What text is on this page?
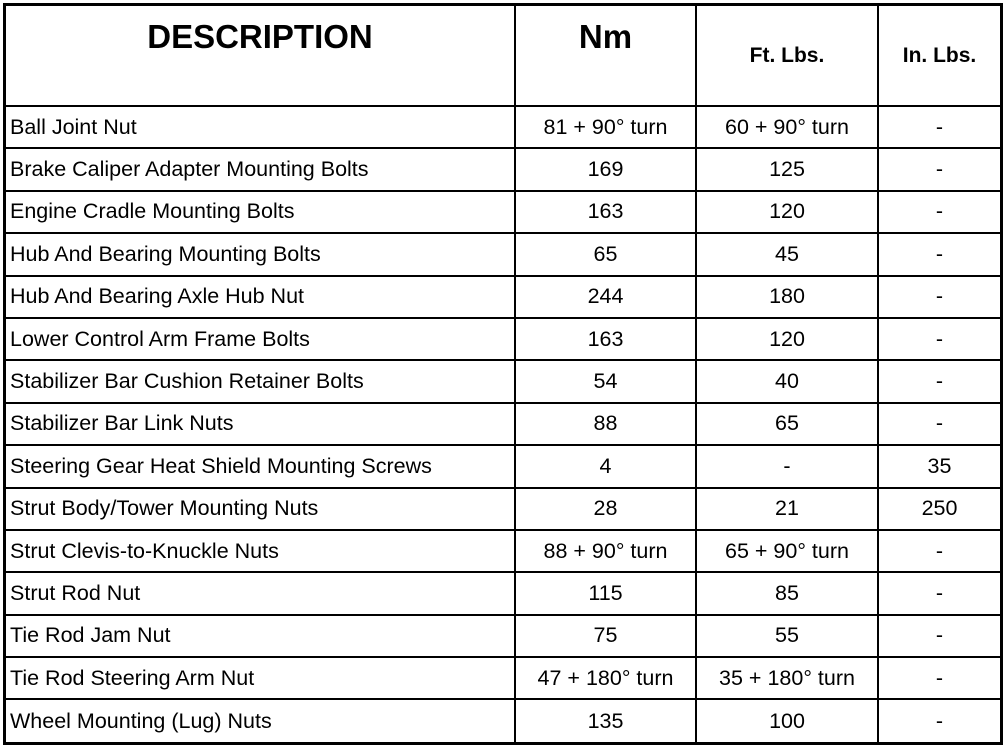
DESCRIPTION	Nm	Ft. Lbs.	In. Lbs.
Ball Joint Nut	81 + 90° turn	60 + 90° turn	-
Brake Caliper Adapter Mounting Bolts	169	125	-
Engine Cradle Mounting Bolts	163	120	-
Hub And Bearing Mounting Bolts	65	45	-
Hub And Bearing Axle Hub Nut	244	180	-
Lower Control Arm Frame Bolts	163	120	-
Stabilizer Bar Cushion Retainer Bolts	54	40	-
Stabilizer Bar Link Nuts	88	65	-
Steering Gear Heat Shield Mounting Screws	4	-	35
Strut Body/Tower Mounting Nuts	28	21	250
Strut Clevis-to-Knuckle Nuts	88 + 90° turn	65 + 90° turn	-
Strut Rod Nut	115	85	-
Tie Rod Jam Nut	75	55	-
Tie Rod Steering Arm Nut	47 + 180° turn	35 + 180° turn	-
Wheel Mounting (Lug) Nuts	135	100	-
